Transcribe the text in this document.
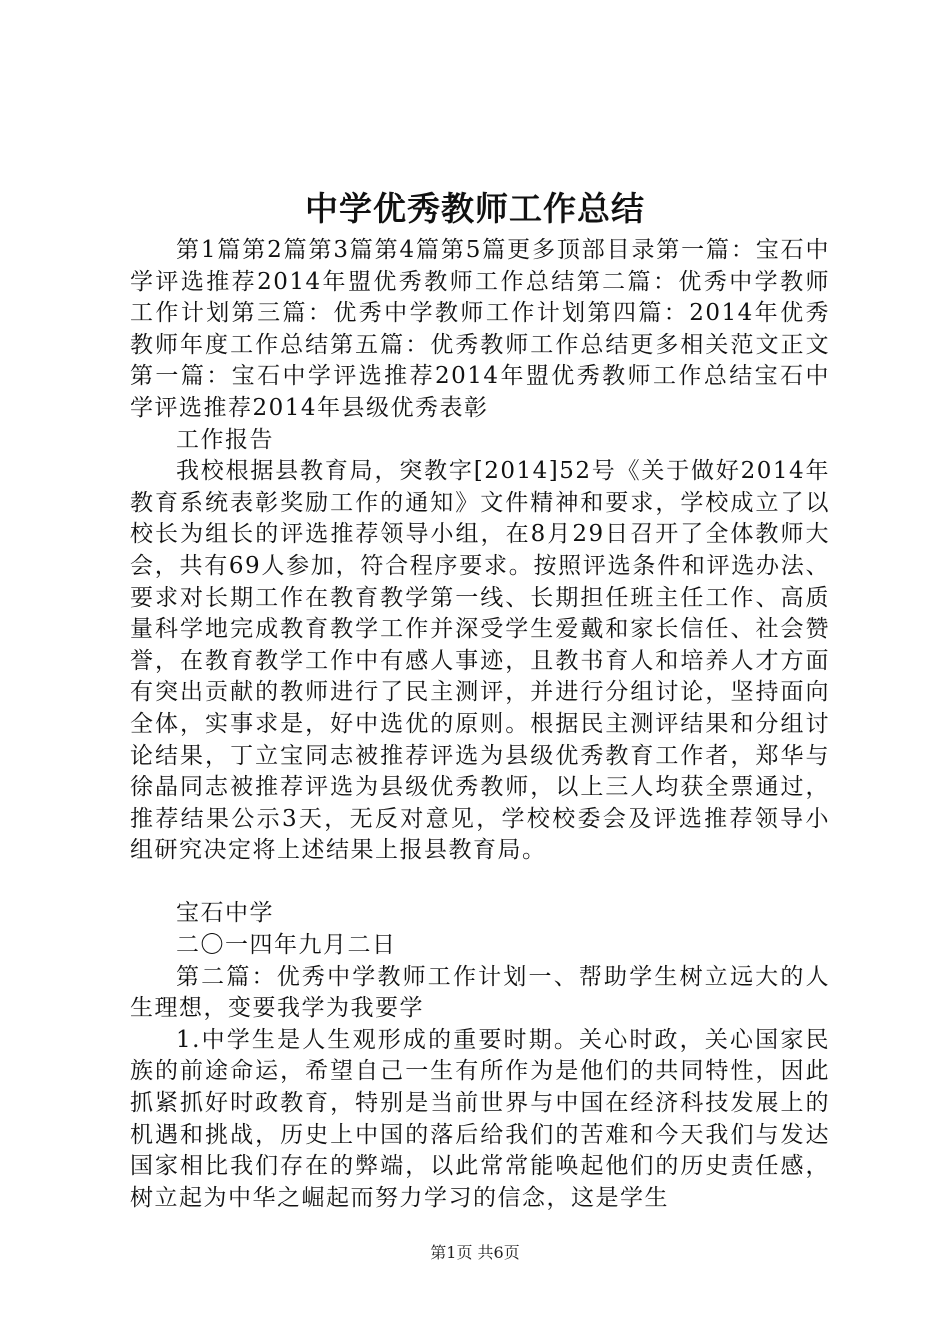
中学优秀教师工作总结

第1篇第2篇第3篇第4篇第5篇更多顶部目录第一篇：宝石中学评选推荐2014年盟优秀教师工作总结第二篇：优秀中学教师工作计划第三篇：优秀中学教师工作计划第四篇：2014年优秀教师年度工作总结第五篇：优秀教师工作总结更多相关范文正文第一篇：宝石中学评选推荐2014年盟优秀教师工作总结宝石中学评选推荐2014年县级优秀表彰

工作报告

我校根据县教育局，突教字[2014]52号《关于做好2014年教育系统表彰奖励工作的通知》文件精神和要求，学校成立了以校长为组长的评选推荐领导小组，在8月29日召开了全体教师大会，共有69人参加，符合程序要求。按照评选条件和评选办法、要求对长期工作在教育教学第一线、长期担任班主任工作、高质量科学地完成教育教学工作并深受学生爱戴和家长信任、社会赞誉，在教育教学工作中有感人事迹，且教书育人和培养人才方面有突出贡献的教师进行了民主测评，并进行分组讨论，坚持面向全体，实事求是，好中选优的原则。根据民主测评结果和分组讨论结果，丁立宝同志被推荐评选为县级优秀教育工作者，郑华与徐晶同志被推荐评选为县级优秀教师，以上三人均获全票通过，推荐结果公示3天，无反对意见，学校校委会及评选推荐领导小组研究决定将上述结果上报县教育局。

宝石中学

二〇一四年九月二日

第二篇：优秀中学教师工作计划一、帮助学生树立远大的人生理想，变要我学为我要学

1.中学生是人生观形成的重要时期。关心时政，关心国家民族的前途命运，希望自己一生有所作为是他们的共同特性，因此抓紧抓好时政教育，特别是当前世界与中国在经济科技发展上的机遇和挑战，历史上中国的落后给我们的苦难和今天我们与发达国家相比我们存在的弊端，以此常常能唤起他们的历史责任感，树立起为中华之崛起而努力学习的信念，这是学生

第1页 共6页
